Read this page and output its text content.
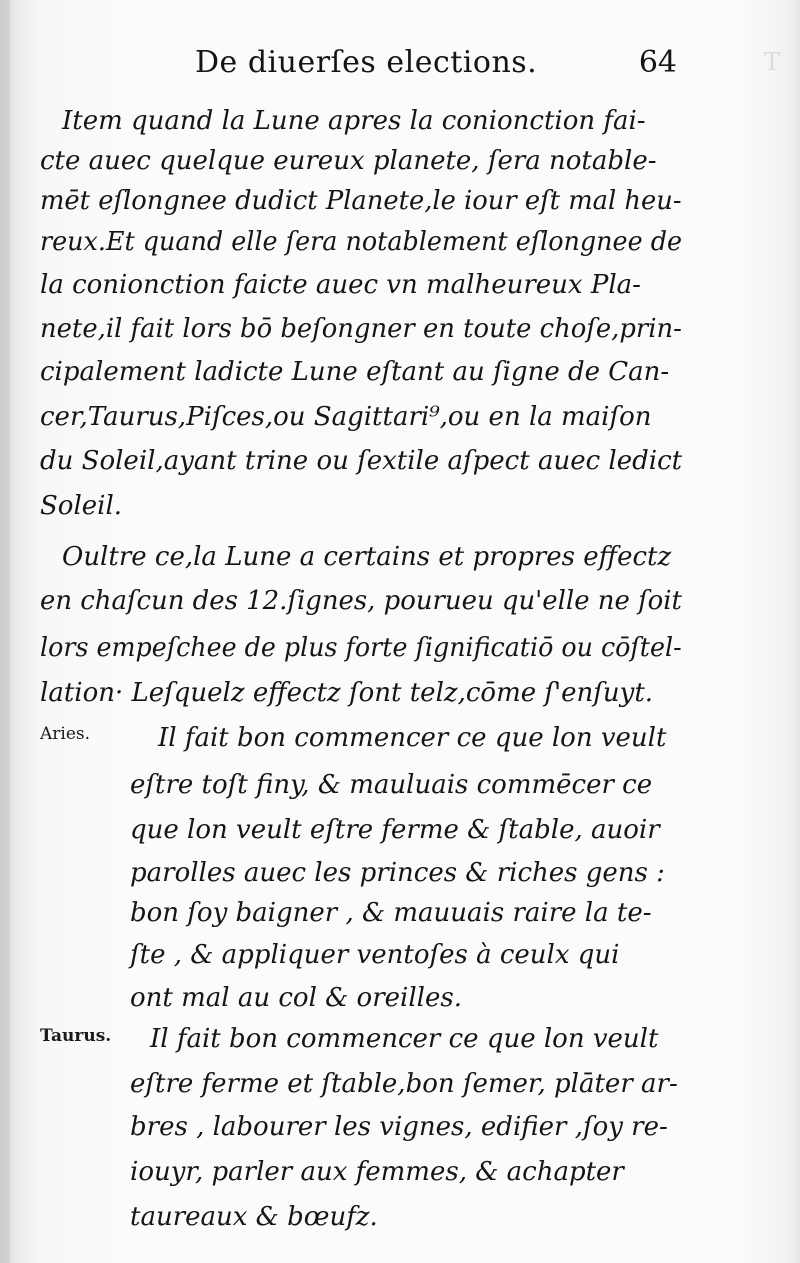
T
De diuerſes elections.	64
Item quand la Lune apres la conionction fai-
cte auec quelque eureux planete, ſera notable-
mēt eſlongnee dudict Planete,le iour eſt mal heu-
reux.Et quand elle ſera notablement eſlongnee de
la conionction faicte auec vn malheureux Pla-
nete,il fait lors bō beſongner en toute choſe,prin-
cipalement ladicte Lune eſtant au ſigne de Can-
cer,Taurus,Piſces,ou Sagittari⁹,ou en la maiſon
du Soleil,ayant trine ou ſextile aſpect auec ledict
Soleil.
Oultre ce,la Lune a certains et propres effectz
en chaſcun des 12.ſignes, pourueu qu'elle ne ſoit
lors empeſchee de plus forte ſignificatiō ou cōſtel-
lation· Leſquelz effectz ſont telz,cōme ſ'enſuyt.
Aries.	Il fait bon commencer ce que lon veult
eſtre toſt finy, & mauluais commēcer ce
que lon veult eſtre ferme & ſtable, auoir
parolles auec les princes & riches gens :
bon ſoy baigner , & mauuais raire la te-
ſte , & appliquer ventoſes à ceulx qui
ont mal au col & oreilles.
Taurus. Il fait bon commencer ce que lon veult
eſtre ferme et ſtable,bon ſemer, plāter ar-
bres , labourer les vignes, edifier ,ſoy re-
iouyr, parler aux femmes, & achapter
taureaux & bœufz.
